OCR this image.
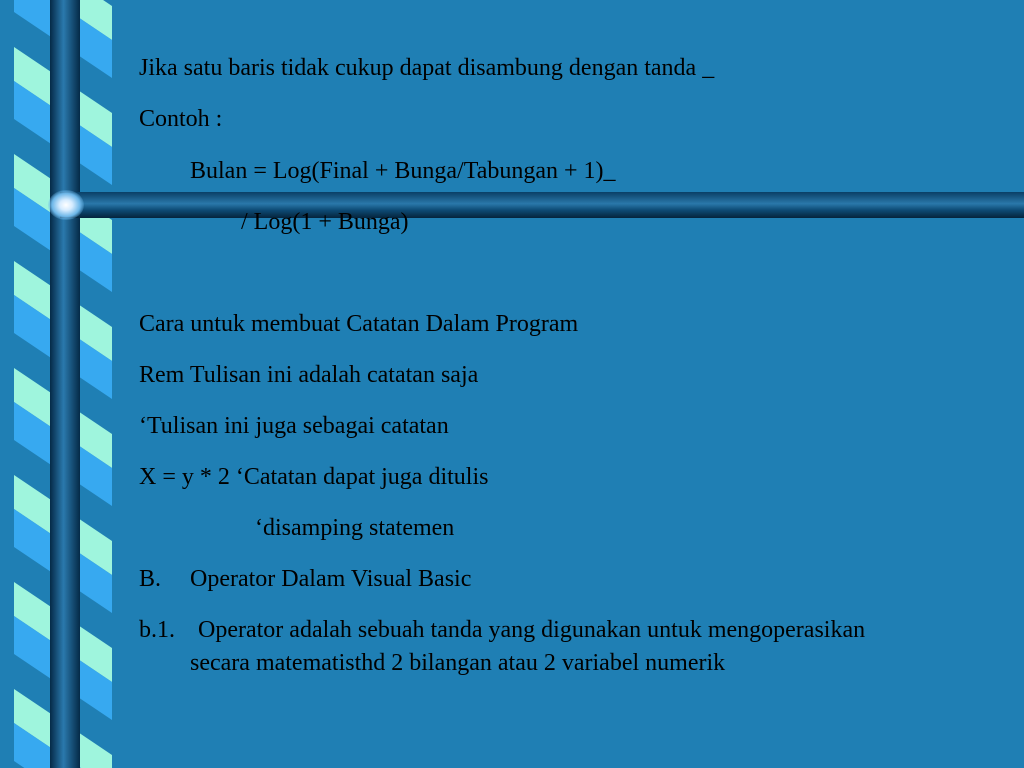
Jika satu baris tidak cukup dapat disambung dengan tanda _
Contoh :
Bulan = Log(Final + Bunga/Tabungan + 1)_
/ Log(1 + Bunga)
Cara untuk membuat Catatan Dalam Program
Rem Tulisan ini adalah catatan saja
‘Tulisan ini juga sebagai catatan
X = y * 2 ‘Catatan dapat juga ditulis
‘disamping statemen
B. Operator Dalam Visual Basic
b.1. Operator adalah sebuah tanda yang digunakan untuk mengoperasikan secara matematisthd 2 bilangan atau 2 variabel numerik
